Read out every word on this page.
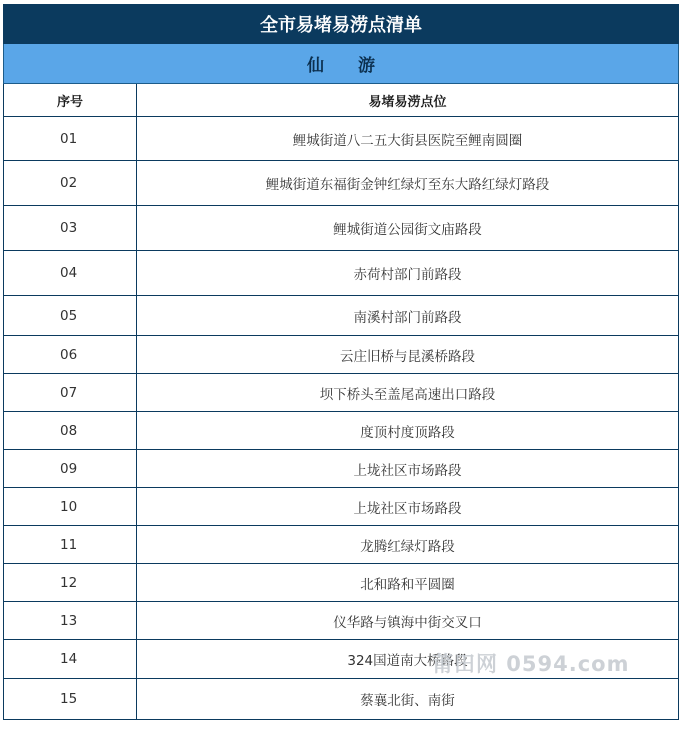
全市易堵易涝点清单
仙 游
序号	易堵易涝点位
01	鲤城街道八二五大街县医院至鲤南圆圈
02	鲤城街道东福街金钟红绿灯至东大路红绿灯路段
03	鲤城街道公园街文庙路段
04	赤荷村部门前路段
05	南溪村部门前路段
06	云庄旧桥与昆溪桥路段
07	坝下桥头至盖尾高速出口路段
08	度顶村度顶路段
09	上垅社区市场路段
10	上垅社区市场路段
11	龙腾红绿灯路段
12	北和路和平圆圈
13	仪华路与镇海中街交叉口
14	324国道南大桥路段
15	蔡襄北街、南街
莆田网 0594.com
